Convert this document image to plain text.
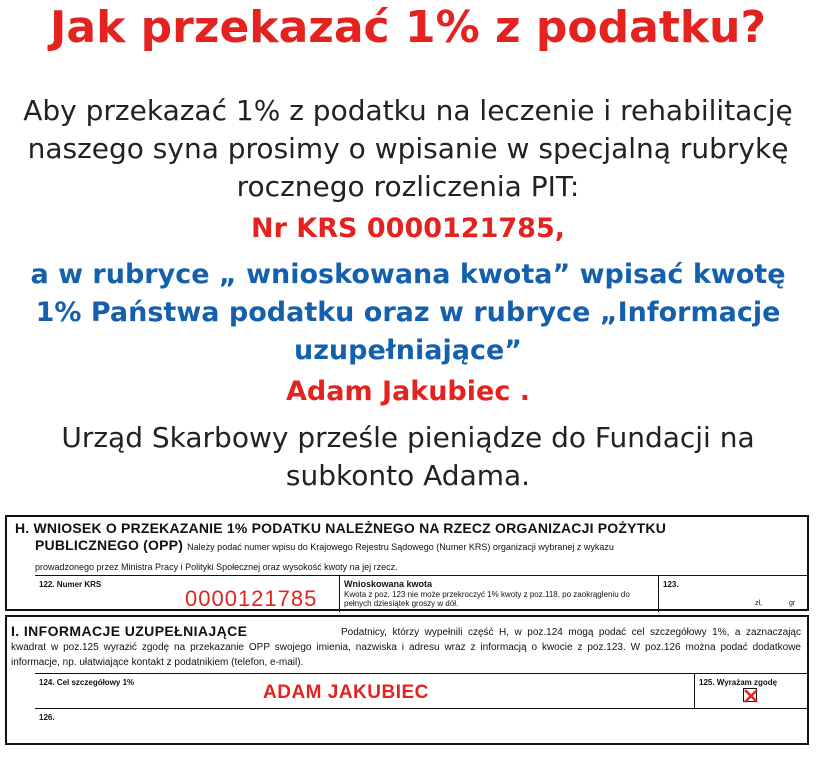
Jak przekazać 1% z podatku?
Aby przekazać 1% z podatku na leczenie i rehabilitację naszego syna prosimy o wpisanie w specjalną rubrykę rocznego rozliczenia PIT:
Nr KRS 0000121785,
a w rubryce „ wnioskowana kwota” wpisać kwotę 1% Państwa podatku oraz w rubryce „Informacje uzupełniające”
Adam Jakubiec .
Urząd Skarbowy prześle pieniądze do Fundacji na subkonto Adama.
H. WNIOSEK O PRZEKAZANIE 1% PODATKU NALEŻNEGO NA RZECZ ORGANIZACJI POŻYTKU
PUBLICZNEGO (OPP) Należy podać numer wpisu do Krajowego Rejestru Sądowego (Numer KRS) organizacji wybranej z wykazu
prowadzonego przez Ministra Pracy i Polityki Społecznej oraz wysokość kwoty na jej rzecz.
122. Numer KRS
0000121785
Wnioskowana kwota
Kwota z poz. 123 nie może przekroczyć 1% kwoty z poz.118, po zaokrągleniu do pełnych dziesiątek groszy w dół.
123.
zł,	gr
I. INFORMACJE UZUPEŁNIAJĄCE	Podatnicy, którzy wypełnili część H, w poz.124 mogą podać cel szczegółowy 1%, a zaznaczając kwadrat w poz.125 wyrazić zgodę na przekazanie OPP swojego imienia, nazwiska i adresu wraz z informacją o kwocie z poz.123. W poz.126 można podać dodatkowe informacje, np. ułatwiające kontakt z podatnikiem (telefon, e-mail).
124. Cel szczegółowy 1%	ADAM JAKUBIEC	125. Wyrażam zgodę
126.
